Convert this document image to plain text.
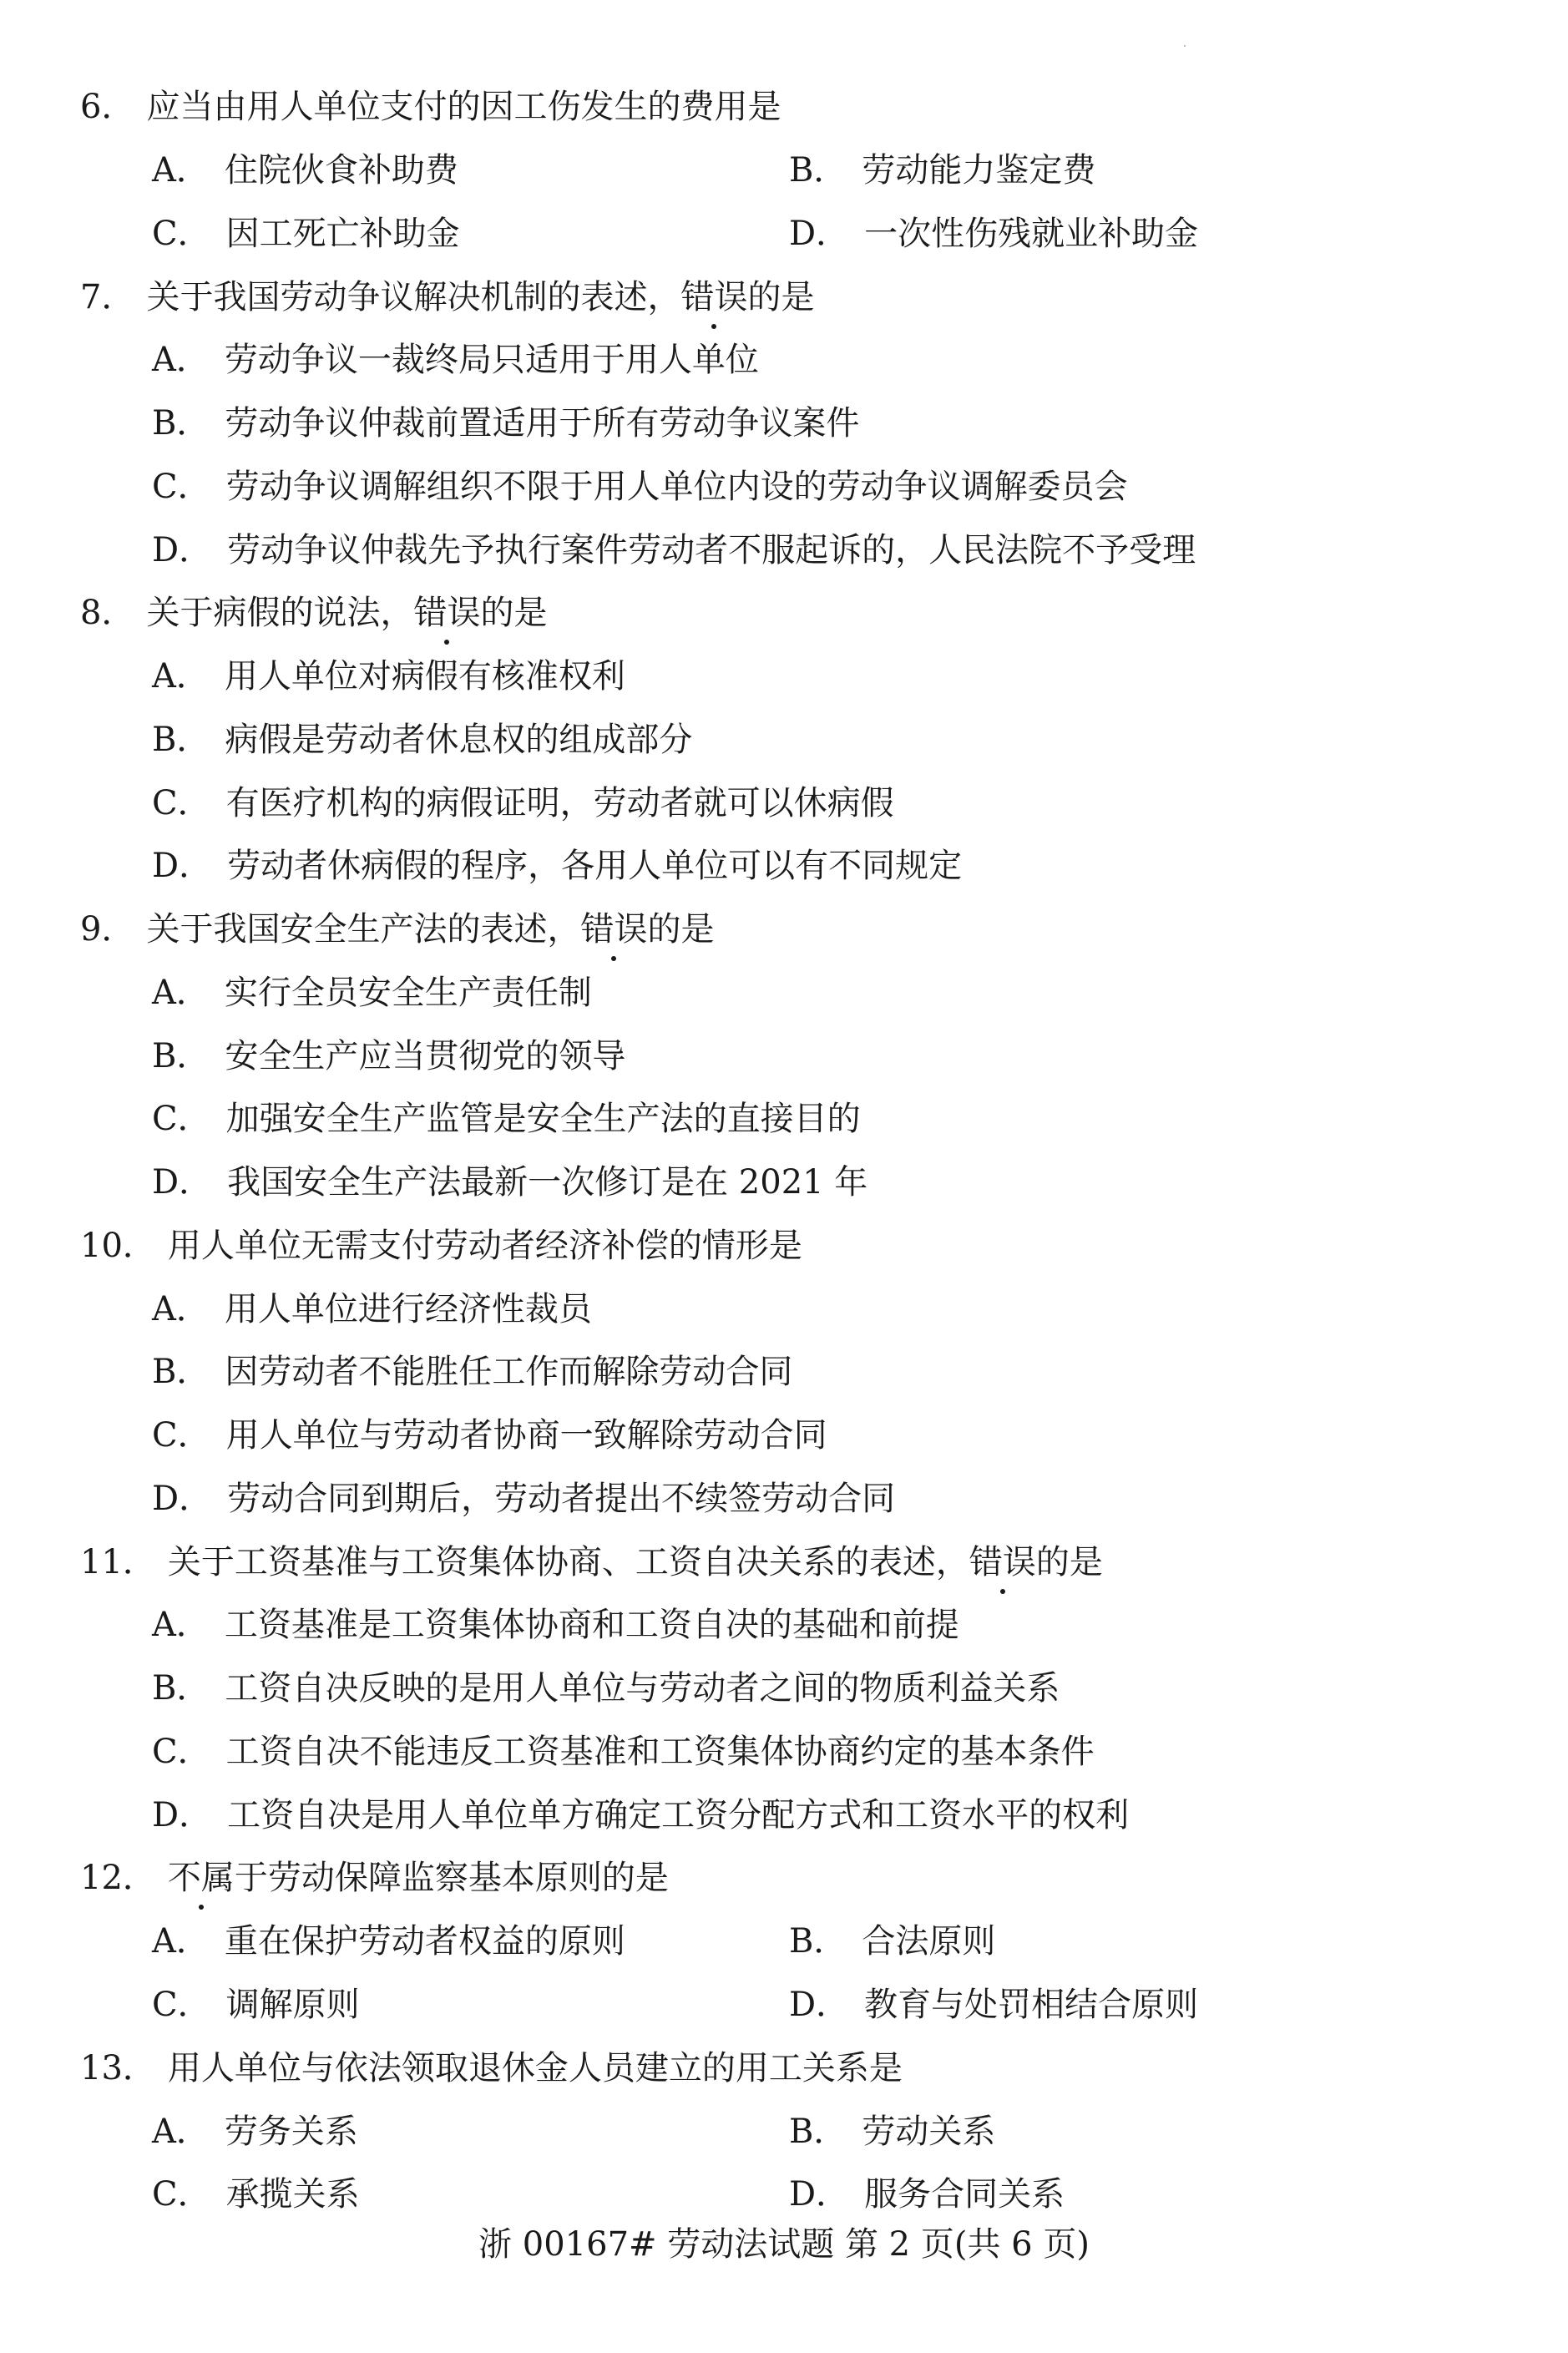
6． 应当由用人单位支付的因工伤发生的费用是
A． 住院伙食补助费	B． 劳动能力鉴定费
C． 因工死亡补助金	D． 一次性伤残就业补助金
7． 关于我国劳动争议解决机制的表述，错误的是
A． 劳动争议一裁终局只适用于用人单位
B． 劳动争议仲裁前置适用于所有劳动争议案件
C． 劳动争议调解组织不限于用人单位内设的劳动争议调解委员会
D． 劳动争议仲裁先予执行案件劳动者不服起诉的，人民法院不予受理
8． 关于病假的说法，错误的是
A． 用人单位对病假有核准权利
B． 病假是劳动者休息权的组成部分
C． 有医疗机构的病假证明，劳动者就可以休病假
D． 劳动者休病假的程序，各用人单位可以有不同规定
9． 关于我国安全生产法的表述，错误的是
A． 实行全员安全生产责任制
B． 安全生产应当贯彻党的领导
C． 加强安全生产监管是安全生产法的直接目的
D． 我国安全生产法最新一次修订是在 2021 年
10． 用人单位无需支付劳动者经济补偿的情形是
A． 用人单位进行经济性裁员
B． 因劳动者不能胜任工作而解除劳动合同
C． 用人单位与劳动者协商一致解除劳动合同
D． 劳动合同到期后，劳动者提出不续签劳动合同
11． 关于工资基准与工资集体协商、工资自决关系的表述，错误的是
A． 工资基准是工资集体协商和工资自决的基础和前提
B． 工资自决反映的是用人单位与劳动者之间的物质利益关系
C． 工资自决不能违反工资基准和工资集体协商约定的基本条件
D． 工资自决是用人单位单方确定工资分配方式和工资水平的权利
12． 不属于劳动保障监察基本原则的是
A． 重在保护劳动者权益的原则	B． 合法原则
C． 调解原则	D． 教育与处罚相结合原则
13． 用人单位与依法领取退休金人员建立的用工关系是
A． 劳务关系	B． 劳动关系
C． 承揽关系	D． 服务合同关系
浙 00167# 劳动法试题 第 2 页(共 6 页)
